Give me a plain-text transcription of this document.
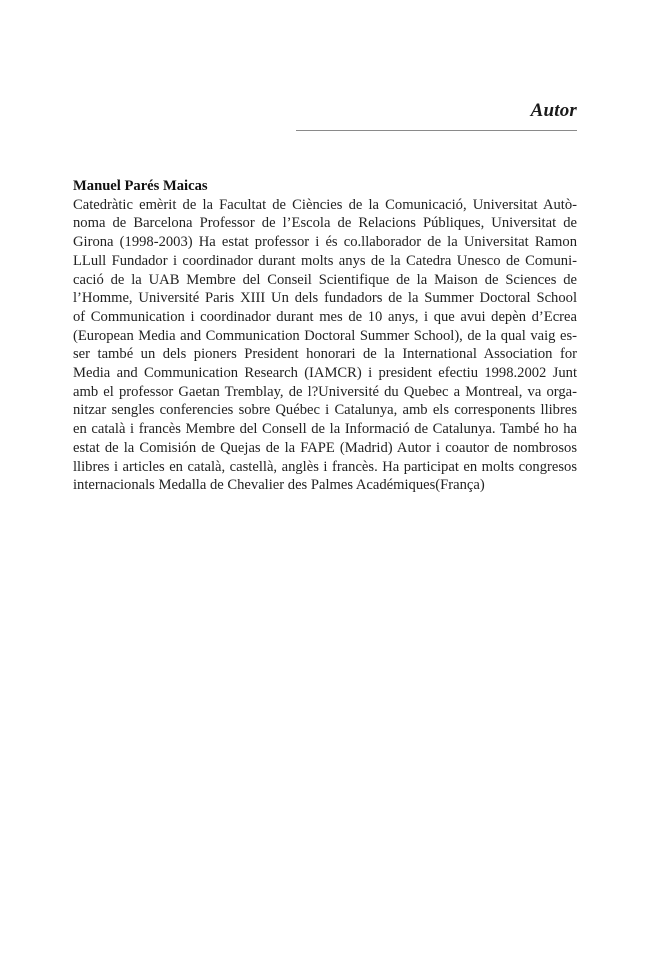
Autor
Manuel Parés Maicas
Catedràtic emèrit de la Facultat de Ciències de la Comunicació, Universitat Autò-
noma de Barcelona Professor de l’Escola de Relacions Públiques, Universitat de
Girona (1998-2003) Ha estat professor i és co.llaborador de la Universitat Ramon
LLull Fundador i coordinador durant molts anys de la Catedra Unesco de Comuni-
cació de la UAB Membre del Conseil Scientifique de la Maison de Sciences de
l’Homme, Université Paris XIII Un dels fundadors de la Summer Doctoral School
of Communication i coordinador durant mes de 10 anys, i que avui depèn d’Ecrea
(European Media and Communication Doctoral Summer School), de la qual vaig es-
ser també un dels pioners President honorari de la International Association for
Media and Communication Research (IAMCR) i president efectiu 1998.2002 Junt
amb el professor Gaetan Tremblay, de l?Université du Quebec a Montreal, va orga-
nitzar sengles conferencies sobre Québec i Catalunya, amb els corresponents llibres
en català i francès Membre del Consell de la Informació de Catalunya. També ho ha
estat de la Comisión de Quejas de la FAPE (Madrid) Autor i coautor de nombrosos
llibres i articles en català, castellà, anglès i francès. Ha participat en molts congresos
internacionals Medalla de Chevalier des Palmes Académiques(França)
